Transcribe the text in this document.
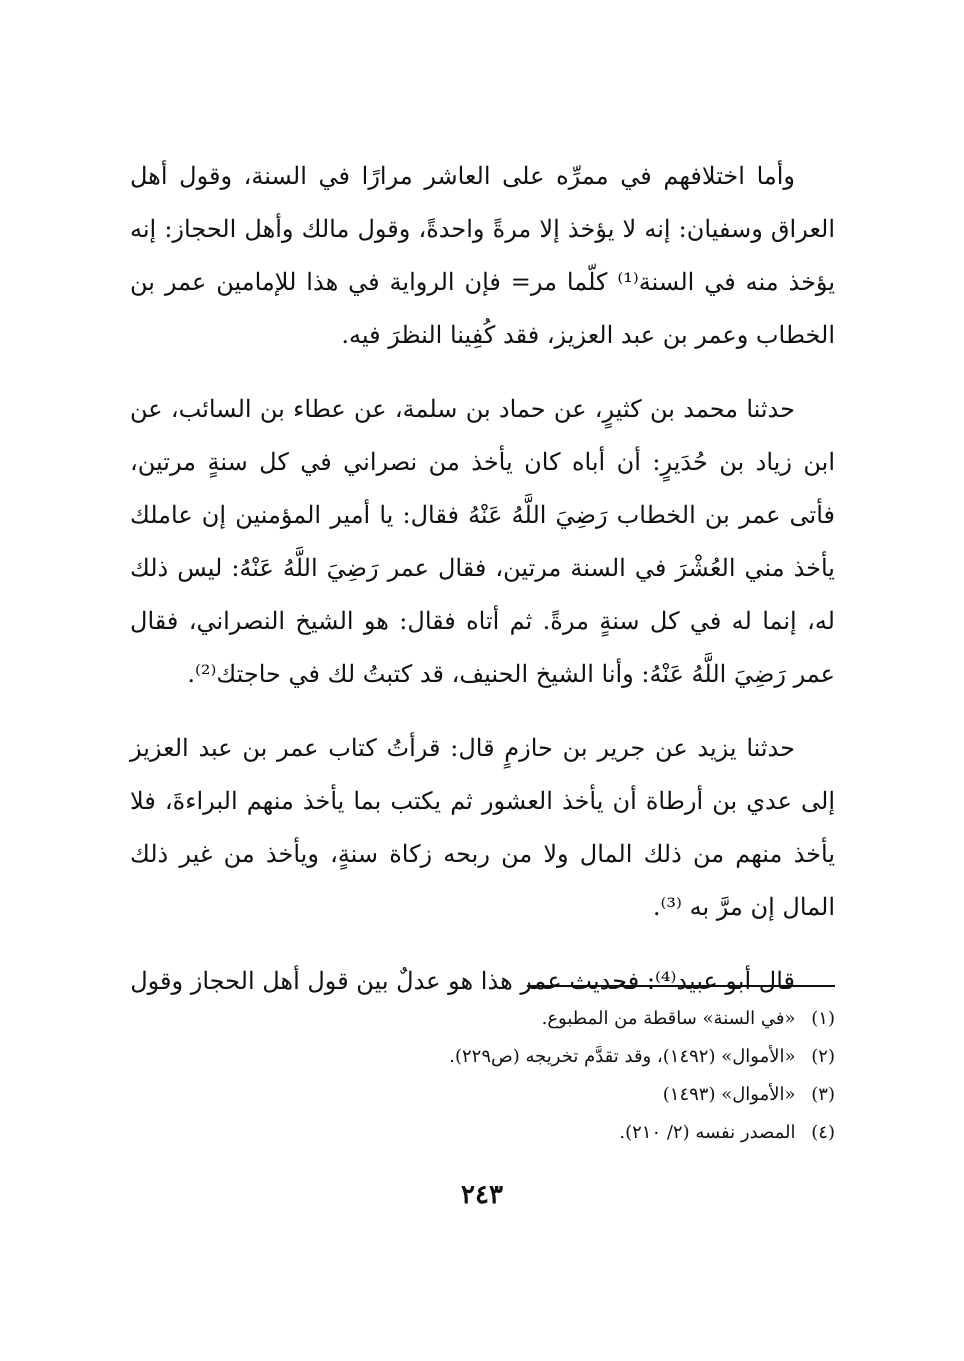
وأما اختلافهم في ممرِّه على العاشر مرارًا في السنة، وقول أهل العراق وسفيان: إنه لا يؤخذ إلا مرةً واحدةً، وقول مالك وأهل الحجاز: إنه يؤخذ منه في السنة⁽¹⁾ كلّما مر= فإن الرواية في هذا للإمامين عمر بن الخطاب وعمر بن عبد العزيز، فقد كُفِينا النظرَ فيه.

حدثنا محمد بن كثيرٍ، عن حماد بن سلمة، عن عطاء بن السائب، عن ابن زياد بن حُدَيرٍ: أن أباه كان يأخذ من نصراني في كل سنةٍ مرتين، فأتى عمر بن الخطاب رَضِيَ اللَّهُ عَنْهُ فقال: يا أمير المؤمنين إن عاملك يأخذ مني العُشْرَ في السنة مرتين، فقال عمر رَضِيَ اللَّهُ عَنْهُ: ليس ذلك له، إنما له في كل سنةٍ مرةً. ثم أتاه فقال: هو الشيخ النصراني، فقال عمر رَضِيَ اللَّهُ عَنْهُ: وأنا الشيخ الحنيف، قد كتبتُ لك في حاجتك⁽²⁾.

حدثنا يزيد عن جرير بن حازمٍ قال: قرأتُ كتاب عمر بن عبد العزيز إلى عدي بن أرطاة أن يأخذ العشور ثم يكتب بما يأخذ منهم البراءةَ، فلا يأخذ منهم من ذلك المال ولا من ربحه زكاة سنةٍ، ويأخذ من غير ذلك المال إن مرَّ به ⁽³⁾.

قال أبو عبيد⁽⁴⁾: فحديث عمر هذا هو عدلٌ بين قول أهل الحجاز وقول

(١) «في السنة» ساقطة من المطبوع.
(٢) «الأموال» (١٤٩٢)، وقد تقدَّم تخريجه (ص٢٢٩).
(٣) «الأموال» (١٤٩٣)
(٤) المصدر نفسه (٢/ ٢١٠).
٢٤٣
